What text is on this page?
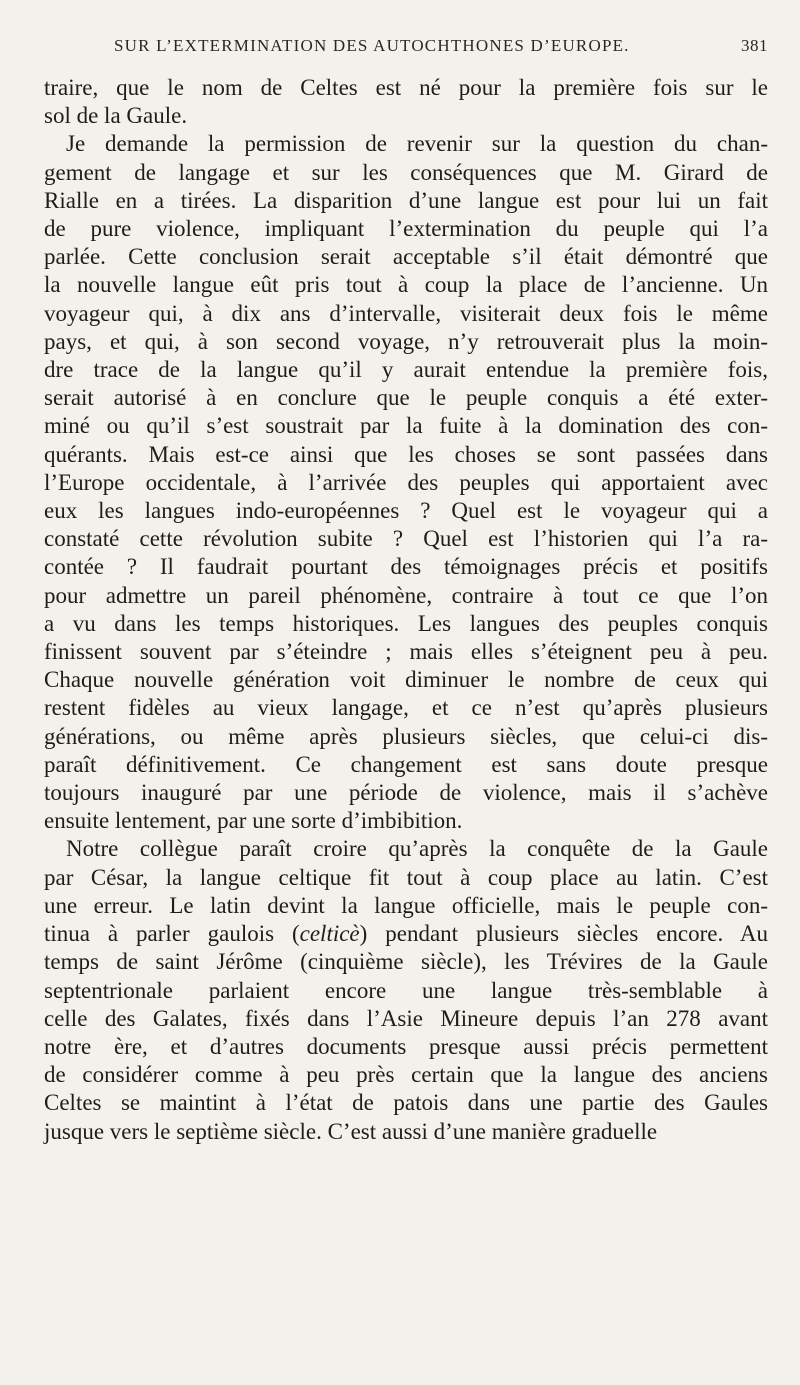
SUR L’EXTERMINATION DES AUTOCHTHONES D’EUROPE.	381

traire, que le nom de Celtes est né pour la première fois sur le
sol de la Gaule.

Je demande la permission de revenir sur la question du chan-
gement de langage et sur les conséquences que M. Girard de
Rialle en a tirées. La disparition d’une langue est pour lui un fait
de pure violence, impliquant l’extermination du peuple qui l’a
parlée. Cette conclusion serait acceptable s’il était démontré que
la nouvelle langue eût pris tout à coup la place de l’ancienne. Un
voyageur qui, à dix ans d’intervalle, visiterait deux fois le même
pays, et qui, à son second voyage, n’y retrouverait plus la moin-
dre trace de la langue qu’il y aurait entendue la première fois,
serait autorisé à en conclure que le peuple conquis a été exter-
miné ou qu’il s’est soustrait par la fuite à la domination des con-
quérants. Mais est-ce ainsi que les choses se sont passées dans
l’Europe occidentale, à l’arrivée des peuples qui apportaient avec
eux les langues indo-européennes ? Quel est le voyageur qui a
constaté cette révolution subite ? Quel est l’historien qui l’a ra-
contée ? Il faudrait pourtant des témoignages précis et positifs
pour admettre un pareil phénomène, contraire à tout ce que l’on
a vu dans les temps historiques. Les langues des peuples conquis
finissent souvent par s’éteindre ; mais elles s’éteignent peu à peu.
Chaque nouvelle génération voit diminuer le nombre de ceux qui
restent fidèles au vieux langage, et ce n’est qu’après plusieurs
générations, ou même après plusieurs siècles, que celui-ci dis-
paraît définitivement. Ce changement est sans doute presque
toujours inauguré par une période de violence, mais il s’achève
ensuite lentement, par une sorte d’imbibition.

Notre collègue paraît croire qu’après la conquête de la Gaule
par César, la langue celtique fit tout à coup place au latin. C’est
une erreur. Le latin devint la langue officielle, mais le peuple con-
tinua à parler gaulois (celticè) pendant plusieurs siècles encore. Au
temps de saint Jérôme (cinquième siècle), les Trévires de la Gaule
septentrionale parlaient encore une langue très-semblable à
celle des Galates, fixés dans l’Asie Mineure depuis l’an 278 avant
notre ère, et d’autres documents presque aussi précis permettent
de considérer comme à peu près certain que la langue des anciens
Celtes se maintint à l’état de patois dans une partie des Gaules
jusque vers le septième siècle. C’est aussi d’une manière graduelle
